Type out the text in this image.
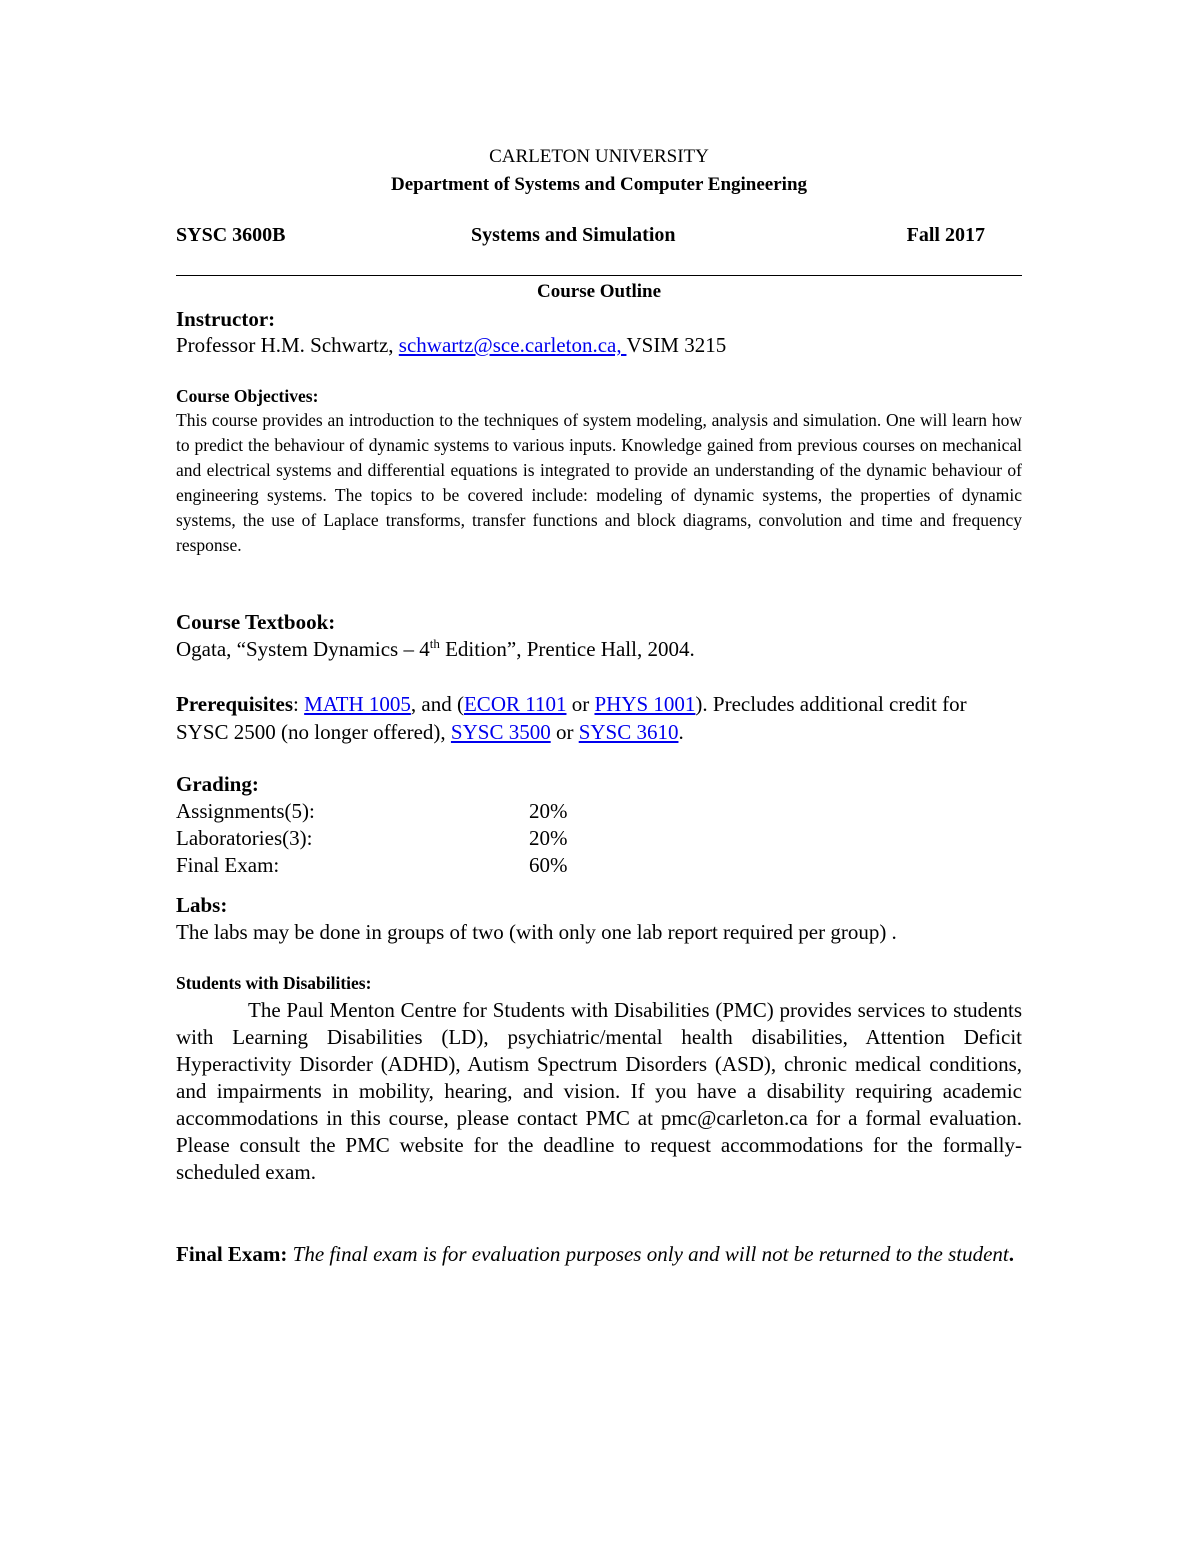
CARLETON UNIVERSITY
Department of Systems and Computer Engineering
SYSC 3600B	Systems and Simulation	Fall 2017
Course Outline
Instructor:
Professor H.M. Schwartz, schwartz@sce.carleton.ca, VSIM 3215
Course Objectives:
This course provides an introduction to the techniques of system modeling, analysis and simulation. One will learn how to predict the behaviour of dynamic systems to various inputs. Knowledge gained from previous courses on mechanical and electrical systems and differential equations is integrated to provide an understanding of the dynamic behaviour of engineering systems. The topics to be covered include: modeling of dynamic systems, the properties of dynamic systems, the use of Laplace transforms, transfer functions and block diagrams, convolution and time and frequency response.
Course Textbook:
Ogata, “System Dynamics – 4th Edition”, Prentice Hall, 2004.
Prerequisites: MATH 1005, and (ECOR 1101 or PHYS 1001). Precludes additional credit for SYSC 2500 (no longer offered), SYSC 3500 or SYSC 3610.
Grading:
Assignments(5):	20%
Laboratories(3):	20%
Final Exam:	60%
Labs:
The labs may be done in groups of two (with only one lab report required per group) .
Students with Disabilities:
The Paul Menton Centre for Students with Disabilities (PMC) provides services to students with Learning Disabilities (LD), psychiatric/mental health disabilities, Attention Deficit Hyperactivity Disorder (ADHD), Autism Spectrum Disorders (ASD), chronic medical conditions, and impairments in mobility, hearing, and vision. If you have a disability requiring academic accommodations in this course, please contact PMC at pmc@carleton.ca for a formal evaluation. Please consult the PMC website for the deadline to request accommodations for the formally-scheduled exam.
Final Exam: The final exam is for evaluation purposes only and will not be returned to the student.
